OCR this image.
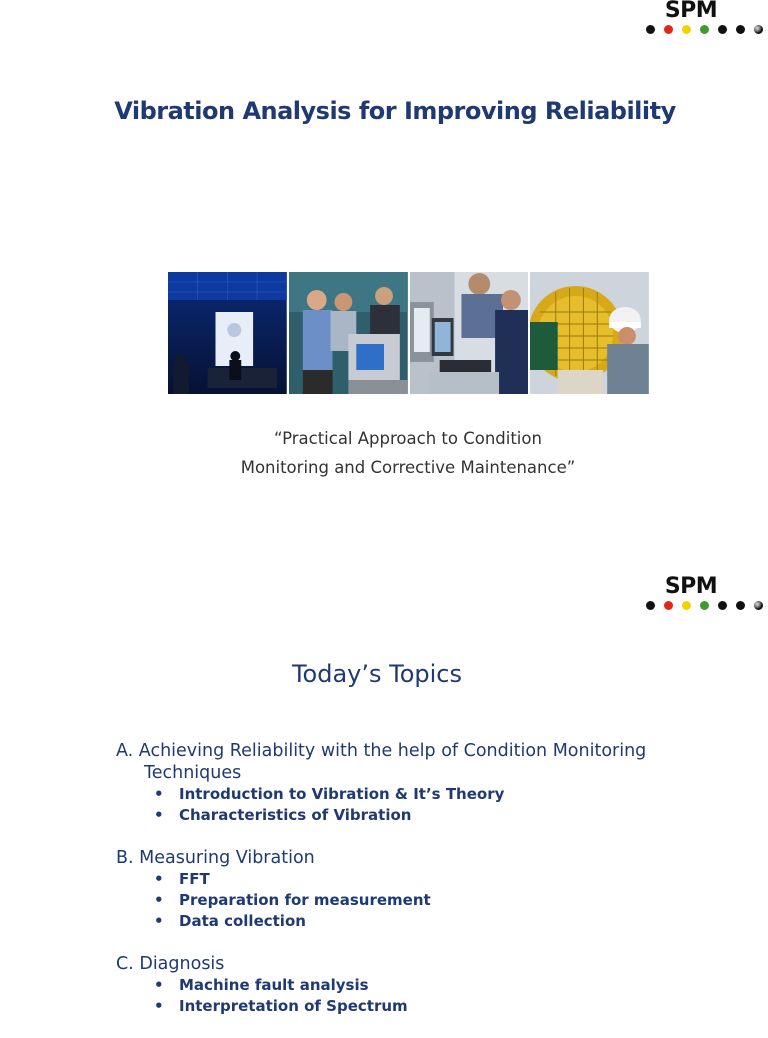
SPM
Vibration Analysis for Improving Reliability
“Practical Approach to Condition
Monitoring and Corrective Maintenance”
SPM
Today’s Topics
A. Achieving Reliability with the help of Condition Monitoring
Techniques
• Introduction to Vibration & It’s Theory
• Characteristics of Vibration
B. Measuring Vibration
• FFT
• Preparation for measurement
• Data collection
C. Diagnosis
• Machine fault analysis
• Interpretation of Spectrum
